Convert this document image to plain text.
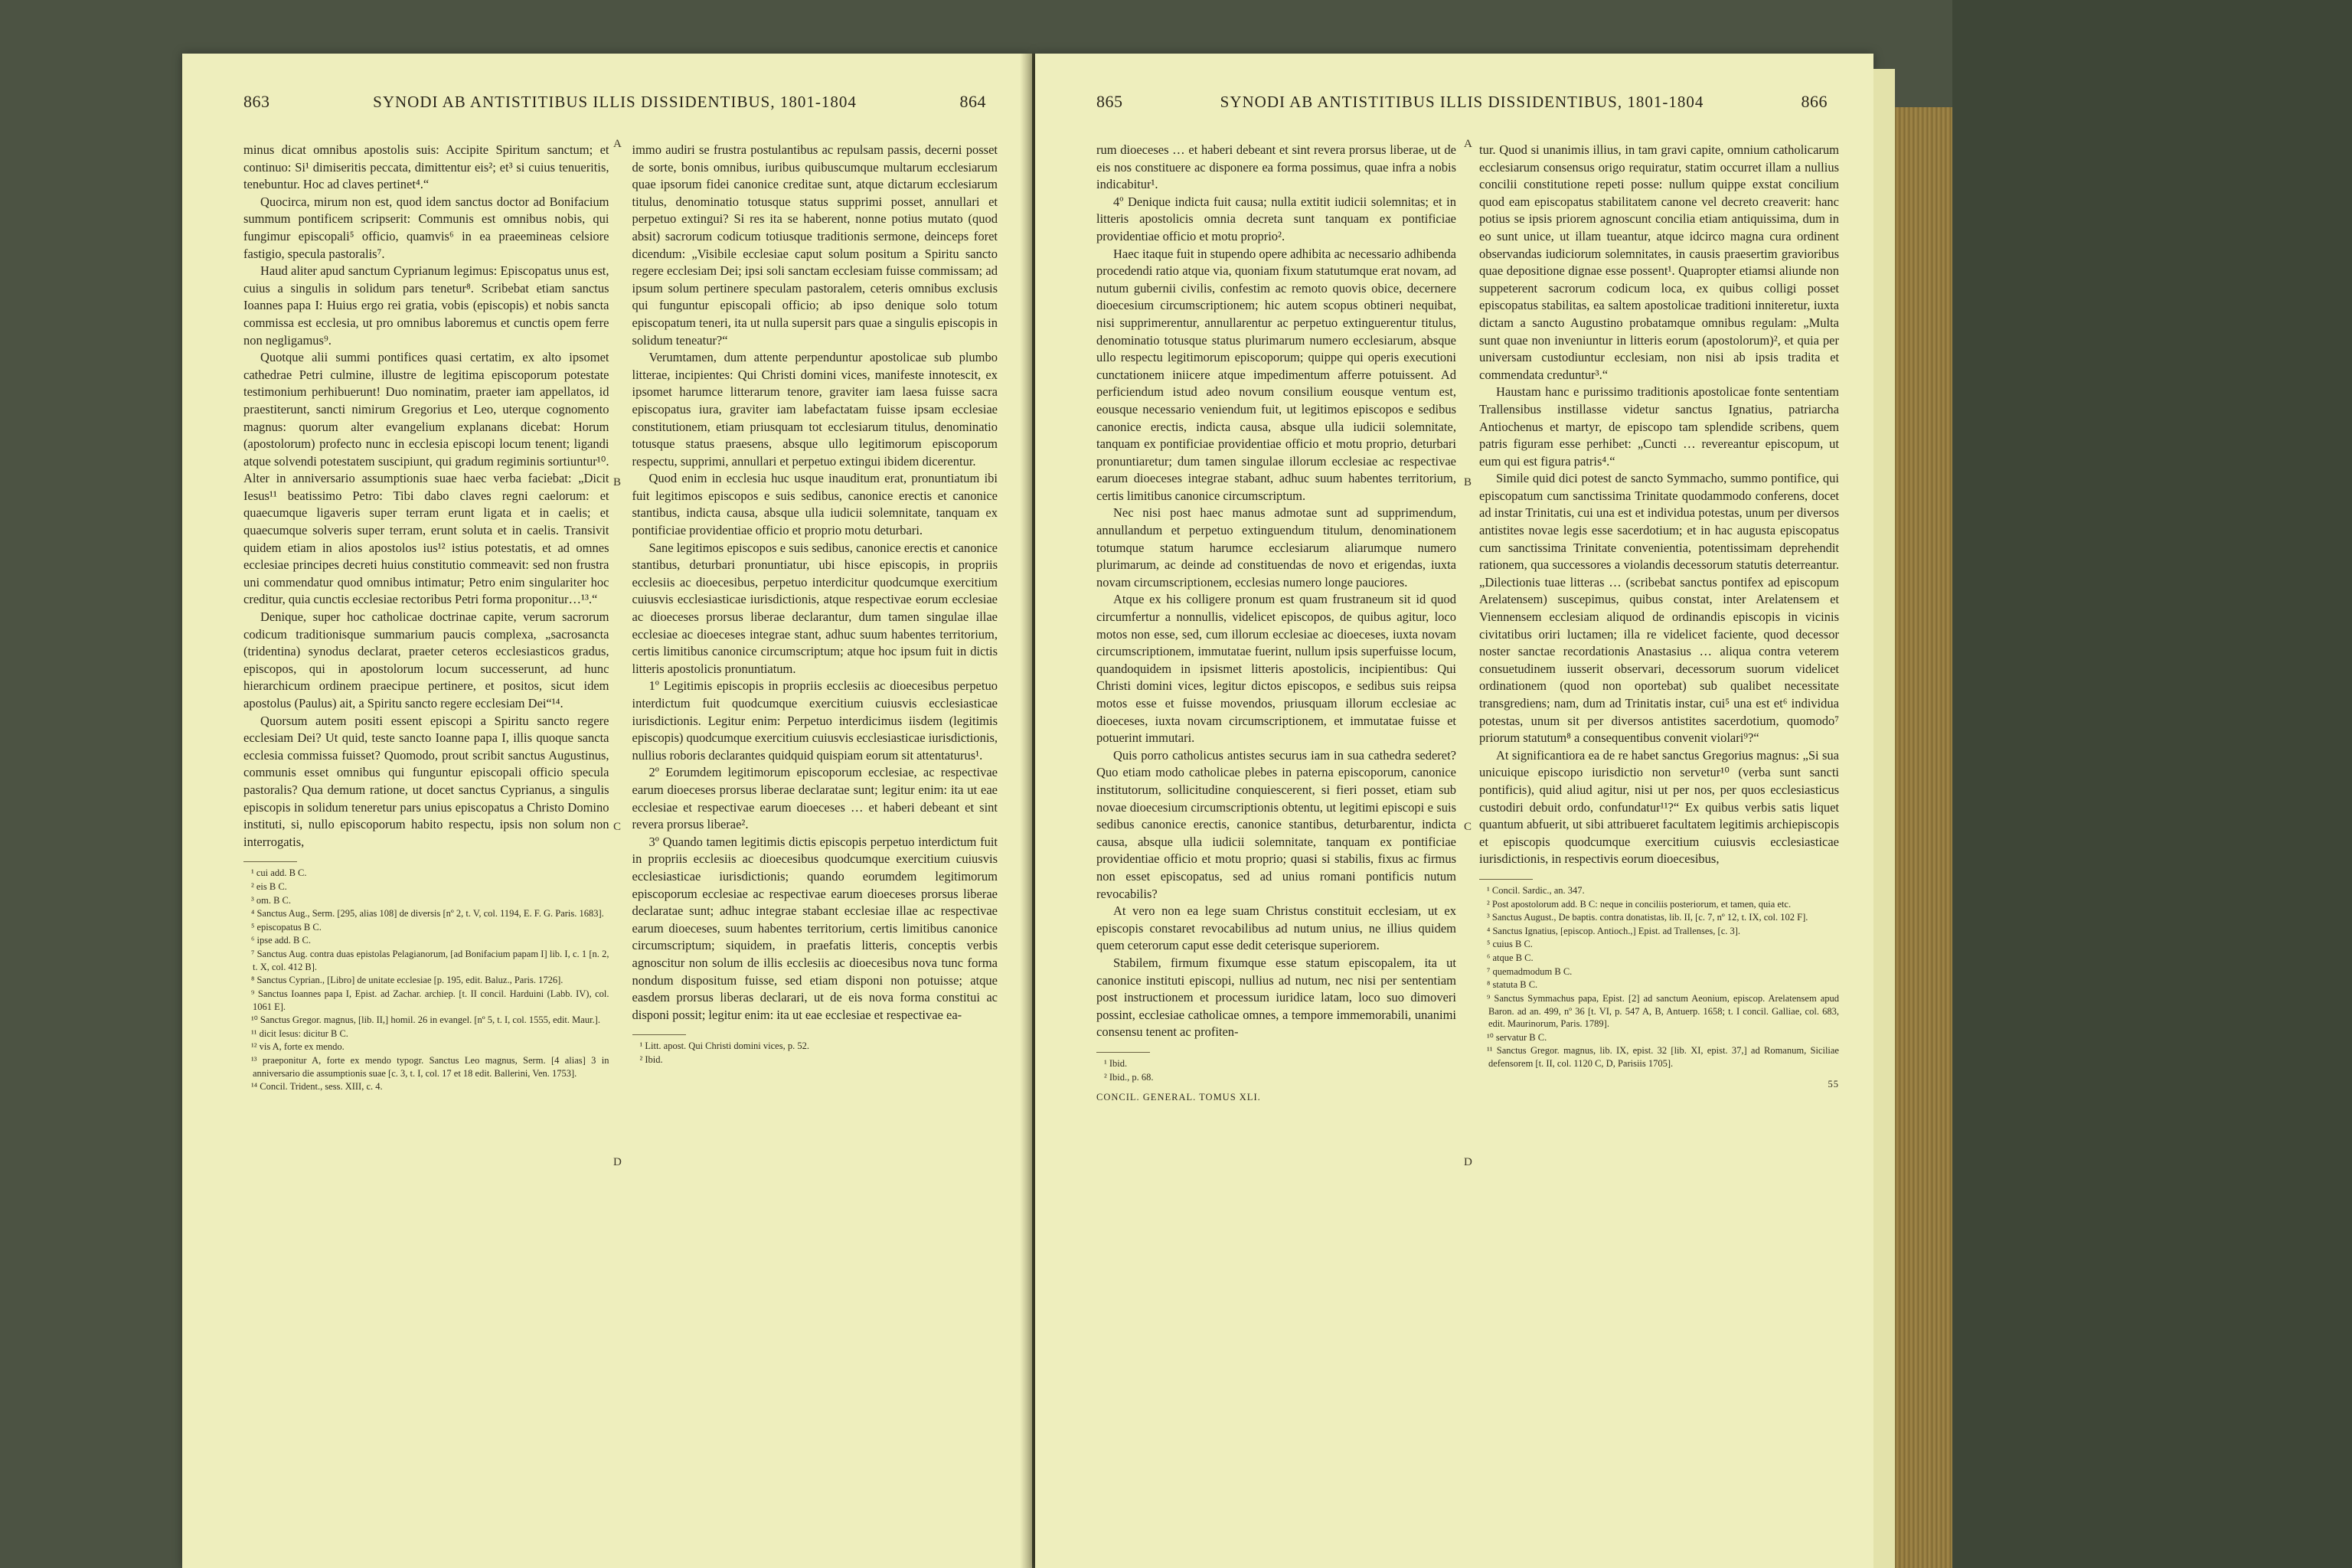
863	SYNODI AB ANTISTITIBUS ILLIS DISSIDENTIBUS, 1801-1804	864

minus dicat omnibus apostolis suis: Accipite Spiritum sanctum; et continuo: Si¹ dimiseritis peccata, dimittentur eis²; et³ si cuius tenueritis, tenebuntur. Hoc ad claves pertinet⁴.“

Quocirca, mirum non est, quod idem sanctus doctor ad Bonifacium summum pontificem scripserit: Communis est omnibus nobis, qui fungimur episcopali⁵ officio, quamvis⁶ in ea praeemineas celsiore fastigio, specula pastoralis⁷.

Haud aliter apud sanctum Cyprianum legimus: Episcopatus unus est, cuius a singulis in solidum pars tenetur⁸. Scribebat etiam sanctus Ioannes papa I: Huius ergo rei gratia, vobis (episcopis) et nobis sancta commissa est ecclesia, ut pro omnibus laboremus et cunctis opem ferre non negligamus⁹.

Quotque alii summi pontifices quasi certatim, ex alto ipsomet cathedrae Petri culmine, illustre de legitima episcoporum potestate testimonium perhibuerunt! Duo nominatim, praeter iam appellatos, id praestiterunt, sancti nimirum Gregorius et Leo, uterque cognomento magnus: quorum alter evangelium explanans dicebat: Horum (apostolorum) profecto nunc in ecclesia episcopi locum tenent; ligandi atque solvendi potestatem suscipiunt, qui gradum regiminis sortiuntur¹⁰. Alter in anniversario assumptionis suae haec verba faciebat: „Dicit Iesus¹¹ beatissimo Petro: Tibi dabo claves regni caelorum: et quaecumque ligaveris super terram erunt ligata et in caelis; et quaecumque solveris super terram, erunt soluta et in caelis. Transivit quidem etiam in alios apostolos ius¹² istius potestatis, et ad omnes ecclesiae principes decreti huius constitutio commeavit: sed non frustra uni commendatur quod omnibus intimatur; Petro enim singulariter hoc creditur, quia cunctis ecclesiae rectoribus Petri forma proponitur…¹³.“

Denique, super hoc catholicae doctrinae capite, verum sacrorum codicum traditionisque summarium paucis complexa, „sacrosancta (tridentina) synodus declarat, praeter ceteros ecclesiasticos gradus, episcopos, qui in apostolorum locum successerunt, ad hunc hierarchicum ordinem praecipue pertinere, et positos, sicut idem apostolus (Paulus) ait, a Spiritu sancto regere ecclesiam Dei“¹⁴.

Quorsum autem positi essent episcopi a Spiritu sancto regere ecclesiam Dei? Ut quid, teste sancto Ioanne papa I, illis quoque sancta ecclesia commissa fuisset? Quomodo, prout scribit sanctus Augustinus, communis esset omnibus qui funguntur episcopali officio specula pastoralis? Qua demum ratione, ut docet sanctus Cyprianus, a singulis episcopis in solidum teneretur pars unius episcopatus a Christo Domino instituti, si, nullo episcoporum habito respectu, ipsis non solum non interrogatis,

¹ cui add. B C.
² eis B C.
³ om. B C.
⁴ Sanctus Aug., Serm. [295, alias 108] de diversis [nº 2, t. V, col. 1194, E. F. G. Paris. 1683].
⁵ episcopatus B C.
⁶ ipse add. B C.
⁷ Sanctus Aug. contra duas epistolas Pelagianorum, [ad Bonifacium papam I] lib. I, c. 1 [n. 2, t. X, col. 412 B].
⁸ Sanctus Cyprian., [Libro] de unitate ecclesiae [p. 195, edit. Baluz., Paris. 1726].
⁹ Sanctus Ioannes papa I, Epist. ad Zachar. archiep. [t. II concil. Harduini (Labb. IV), col. 1061 E].
¹⁰ Sanctus Gregor. magnus, [lib. II,] homil. 26 in evangel. [nº 5, t. I, col. 1555, edit. Maur.].
¹¹ dicit Iesus: dicitur B C.
¹² vis A, forte ex mendo.
¹³ praeponitur A, forte ex mendo typogr. Sanctus Leo magnus, Serm. [4 alias] 3 in anniversario die assumptionis suae [c. 3, t. I, col. 17 et 18 edit. Ballerini, Ven. 1753].
¹⁴ Concil. Trident., sess. XIII, c. 4.

immo audiri se frustra postulantibus ac repulsam passis, decerni posset de sorte, bonis omnibus, iuribus quibuscumque multarum ecclesiarum quae ipsorum fidei canonice creditae sunt, atque dictarum ecclesiarum titulus, denominatio totusque status supprimi posset, annullari et perpetuo extingui? Si res ita se haberent, nonne potius mutato (quod absit) sacrorum codicum totiusque traditionis sermone, deinceps foret dicendum: „Visibile ecclesiae caput solum positum a Spiritu sancto regere ecclesiam Dei; ipsi soli sanctam ecclesiam fuisse commissam; ad ipsum solum pertinere speculam pastoralem, ceteris omnibus exclusis qui funguntur episcopali officio; ab ipso denique solo totum episcopatum teneri, ita ut nulla supersit pars quae a singulis episcopis in solidum teneatur?“

Verumtamen, dum attente perpenduntur apostolicae sub plumbo litterae, incipientes: Qui Christi domini vices, manifeste innotescit, ex ipsomet harumce litterarum tenore, graviter iam laesa fuisse sacra episcopatus iura, graviter iam labefactatam fuisse ipsam ecclesiae constitutionem, etiam priusquam tot ecclesiarum titulus, denominatio totusque status praesens, absque ullo legitimorum episcoporum respectu, supprimi, annullari et perpetuo extingui ibidem dicerentur.

Quod enim in ecclesia huc usque inauditum erat, pronuntiatum ibi fuit legitimos episcopos e suis sedibus, canonice erectis et canonice stantibus, indicta causa, absque ulla iudicii solemnitate, tanquam ex pontificiae providentiae officio et proprio motu deturbari.

Sane legitimos episcopos e suis sedibus, canonice erectis et canonice stantibus, deturbari pronuntiatur, ubi hisce episcopis, in propriis ecclesiis ac dioecesibus, perpetuo interdicitur quodcumque exercitium cuiusvis ecclesiasticae iurisdictionis, atque respectivae eorum ecclesiae ac dioeceses prorsus liberae declarantur, dum tamen singulae illae ecclesiae ac dioeceses integrae stant, adhuc suum habentes territorium, certis limitibus canonice circumscriptum; atque hoc ipsum fuit in dictis litteris apostolicis pronuntiatum.

1º Legitimis episcopis in propriis ecclesiis ac dioecesibus perpetuo interdictum fuit quodcumque exercitium cuiusvis ecclesiasticae iurisdictionis. Legitur enim: Perpetuo interdicimus iisdem (legitimis episcopis) quodcumque exercitium cuiusvis ecclesiasticae iurisdictionis, nullius roboris declarantes quidquid quispiam eorum sit attentaturus¹.

2º Eorumdem legitimorum episcoporum ecclesiae, ac respectivae earum dioeceses prorsus liberae declaratae sunt; legitur enim: ita ut eae ecclesiae et respectivae earum dioeceses … et haberi debeant et sint revera prorsus liberae².

3º Quando tamen legitimis dictis episcopis perpetuo interdictum fuit in propriis ecclesiis ac dioecesibus quodcumque exercitium cuiusvis ecclesiasticae iurisdictionis; quando eorumdem legitimorum episcoporum ecclesiae ac respectivae earum dioeceses prorsus liberae declaratae sunt; adhuc integrae stabant ecclesiae illae ac respectivae earum dioeceses, suum habentes territorium, certis limitibus canonice circumscriptum; siquidem, in praefatis litteris, conceptis verbis agnoscitur non solum de illis ecclesiis ac dioecesibus nova tunc forma nondum dispositum fuisse, sed etiam disponi non potuisse; atque easdem prorsus liberas declarari, ut de eis nova forma constitui ac disponi possit; legitur enim: ita ut eae ecclesiae et respectivae ea-

¹ Litt. apost. Qui Christi domini vices, p. 52.
² Ibid.
A
B
C
D
865	SYNODI AB ANTISTITIBUS ILLIS DISSIDENTIBUS, 1801-1804	866

rum dioeceses … et haberi debeant et sint revera prorsus liberae, ut de eis nos constituere ac disponere ea forma possimus, quae infra a nobis indicabitur¹.

4º Denique indicta fuit causa; nulla extitit iudicii solemnitas; et in litteris apostolicis omnia decreta sunt tanquam ex pontificiae providentiae officio et motu proprio².

Haec itaque fuit in stupendo opere adhibita ac necessario adhibenda procedendi ratio atque via, quoniam fixum statutumque erat novam, ad nutum gubernii civilis, confestim ac remoto quovis obice, decernere dioecesium circumscriptionem; hic autem scopus obtineri nequibat, nisi supprimerentur, annullarentur ac perpetuo extinguerentur titulus, denominatio totusque status plurimarum numero ecclesiarum, absque ullo respectu legitimorum episcoporum; quippe qui operis executioni cunctationem iniicere atque impedimentum afferre potuissent. Ad perficiendum istud adeo novum consilium eousque ventum est, eousque necessario veniendum fuit, ut legitimos episcopos e sedibus canonice erectis, indicta causa, absque ulla iudicii solemnitate, tanquam ex pontificiae providentiae officio et motu proprio, deturbari pronuntiaretur; dum tamen singulae illorum ecclesiae ac respectivae earum dioeceses integrae stabant, adhuc suum habentes territorium, certis limitibus canonice circumscriptum.

Nec nisi post haec manus admotae sunt ad supprimendum, annullandum et perpetuo extinguendum titulum, denominationem totumque statum harumce ecclesiarum aliarumque numero plurimarum, ac deinde ad constituendas de novo et erigendas, iuxta novam circumscriptionem, ecclesias numero longe pauciores.

Atque ex his colligere pronum est quam frustraneum sit id quod circumfertur a nonnullis, videlicet episcopos, de quibus agitur, loco motos non esse, sed, cum illorum ecclesiae ac dioeceses, iuxta novam circumscriptionem, immutatae fuerint, nullum ipsis superfuisse locum, quandoquidem in ipsismet litteris apostolicis, incipientibus: Qui Christi domini vices, legitur dictos episcopos, e sedibus suis reipsa motos esse et fuisse movendos, priusquam illorum ecclesiae ac dioeceses, iuxta novam circumscriptionem, et immutatae fuisse et potuerint immutari.

Quis porro catholicus antistes securus iam in sua cathedra sederet? Quo etiam modo catholicae plebes in paterna episcoporum, canonice institutorum, sollicitudine conquiescerent, si fieri posset, etiam sub novae dioecesium circumscriptionis obtentu, ut legitimi episcopi e suis sedibus canonice erectis, canonice stantibus, deturbarentur, indicta causa, absque ulla iudicii solemnitate, tanquam ex pontificiae providentiae officio et motu proprio; quasi si stabilis, fixus ac firmus non esset episcopatus, sed ad unius romani pontificis nutum revocabilis?

At vero non ea lege suam Christus constituit ecclesiam, ut ex episcopis constaret revocabilibus ad nutum unius, ne illius quidem quem ceterorum caput esse dedit ceterisque superiorem.

Stabilem, firmum fixumque esse statum episcopalem, ita ut canonice instituti episcopi, nullius ad nutum, nec nisi per sententiam post instructionem et processum iuridice latam, loco suo dimoveri possint, ecclesiae catholicae omnes, a tempore immemorabili, unanimi consensu tenent ac profiten-

¹ Ibid.
² Ibid., p. 68.
CONCIL. GENERAL. TOMUS XLI.

tur. Quod si unanimis illius, in tam gravi capite, omnium catholicarum ecclesiarum consensus origo requiratur, statim occurret illam a nullius concilii constitutione repeti posse: nullum quippe exstat concilium quod eam episcopatus stabilitatem canone vel decreto creaverit: hanc potius se ipsis priorem agnoscunt concilia etiam antiquissima, dum in eo sunt unice, ut illam tueantur, atque idcirco magna cura ordinent observandas iudiciorum solemnitates, in causis praesertim gravioribus quae depositione dignae esse possent¹. Quapropter etiamsi aliunde non suppeterent sacrorum codicum loca, ex quibus colligi posset episcopatus stabilitas, ea saltem apostolicae traditioni inniteretur, iuxta dictam a sancto Augustino probatamque omnibus regulam: „Multa sunt quae non inveniuntur in litteris eorum (apostolorum)², et quia per universam custodiuntur ecclesiam, non nisi ab ipsis tradita et commendata creduntur³.“

Haustam hanc e purissimo traditionis apostolicae fonte sententiam Trallensibus instillasse videtur sanctus Ignatius, patriarcha Antiochenus et martyr, de episcopo tam splendide scribens, quem patris figuram esse perhibet: „Cuncti … revereantur episcopum, ut eum qui est figura patris⁴.“

Simile quid dici potest de sancto Symmacho, summo pontifice, qui episcopatum cum sanctissima Trinitate quodammodo conferens, docet ad instar Trinitatis, cui una est et individua potestas, unum per diversos antistites novae legis esse sacerdotium; et in hac augusta episcopatus cum sanctissima Trinitate convenientia, potentissimam deprehendit rationem, qua successores a violandis decessorum statutis deterreantur. „Dilectionis tuae litteras … (scribebat sanctus pontifex ad episcopum Arelatensem) suscepimus, quibus constat, inter Arelatensem et Viennensem ecclesiam aliquod de ordinandis episcopis in vicinis civitatibus oriri luctamen; illa re videlicet faciente, quod decessor noster sanctae recordationis Anastasius … aliqua contra veterem consuetudinem iusserit observari, decessorum suorum videlicet ordinationem (quod non oportebat) sub qualibet necessitate transgrediens; nam, dum ad Trinitatis instar, cui⁵ una est et⁶ individua potestas, unum sit per diversos antistites sacerdotium, quomodo⁷ priorum statutum⁸ a consequentibus convenit violari⁹?“

At significantiora ea de re habet sanctus Gregorius magnus: „Si sua unicuique episcopo iurisdictio non servetur¹⁰ (verba sunt sancti pontificis), quid aliud agitur, nisi ut per nos, per quos ecclesiasticus custodiri debuit ordo, confundatur¹¹?“ Ex quibus verbis satis liquet quantum abfuerit, ut sibi attribueret facultatem legitimis archiepiscopis et episcopis quodcumque exercitium cuiusvis ecclesiasticae iurisdictionis, in respectivis eorum dioecesibus,

¹ Concil. Sardic., an. 347.
² Post apostolorum add. B C: neque in conciliis posteriorum, et tamen, quia etc.
³ Sanctus August., De baptis. contra donatistas, lib. II, [c. 7, nº 12, t. IX, col. 102 F].
⁴ Sanctus Ignatius, [episcop. Antioch.,] Epist. ad Trallenses, [c. 3].
⁵ cuius B C.
⁶ atque B C.
⁷ quemadmodum B C.
⁸ statuta B C.
⁹ Sanctus Symmachus papa, Epist. [2] ad sanctum Aeonium, episcop. Arelatensem apud Baron. ad an. 499, nº 36 [t. VI, p. 547 A, B, Antuerp. 1658; t. I concil. Galliae, col. 683, edit. Maurinorum, Paris. 1789].
¹⁰ servatur B C.
¹¹ Sanctus Gregor. magnus, lib. IX, epist. 32 [lib. XI, epist. 37,] ad Romanum, Siciliae defensorem [t. II, col. 1120 C, D, Parisiis 1705].
55
A
B
C
D
